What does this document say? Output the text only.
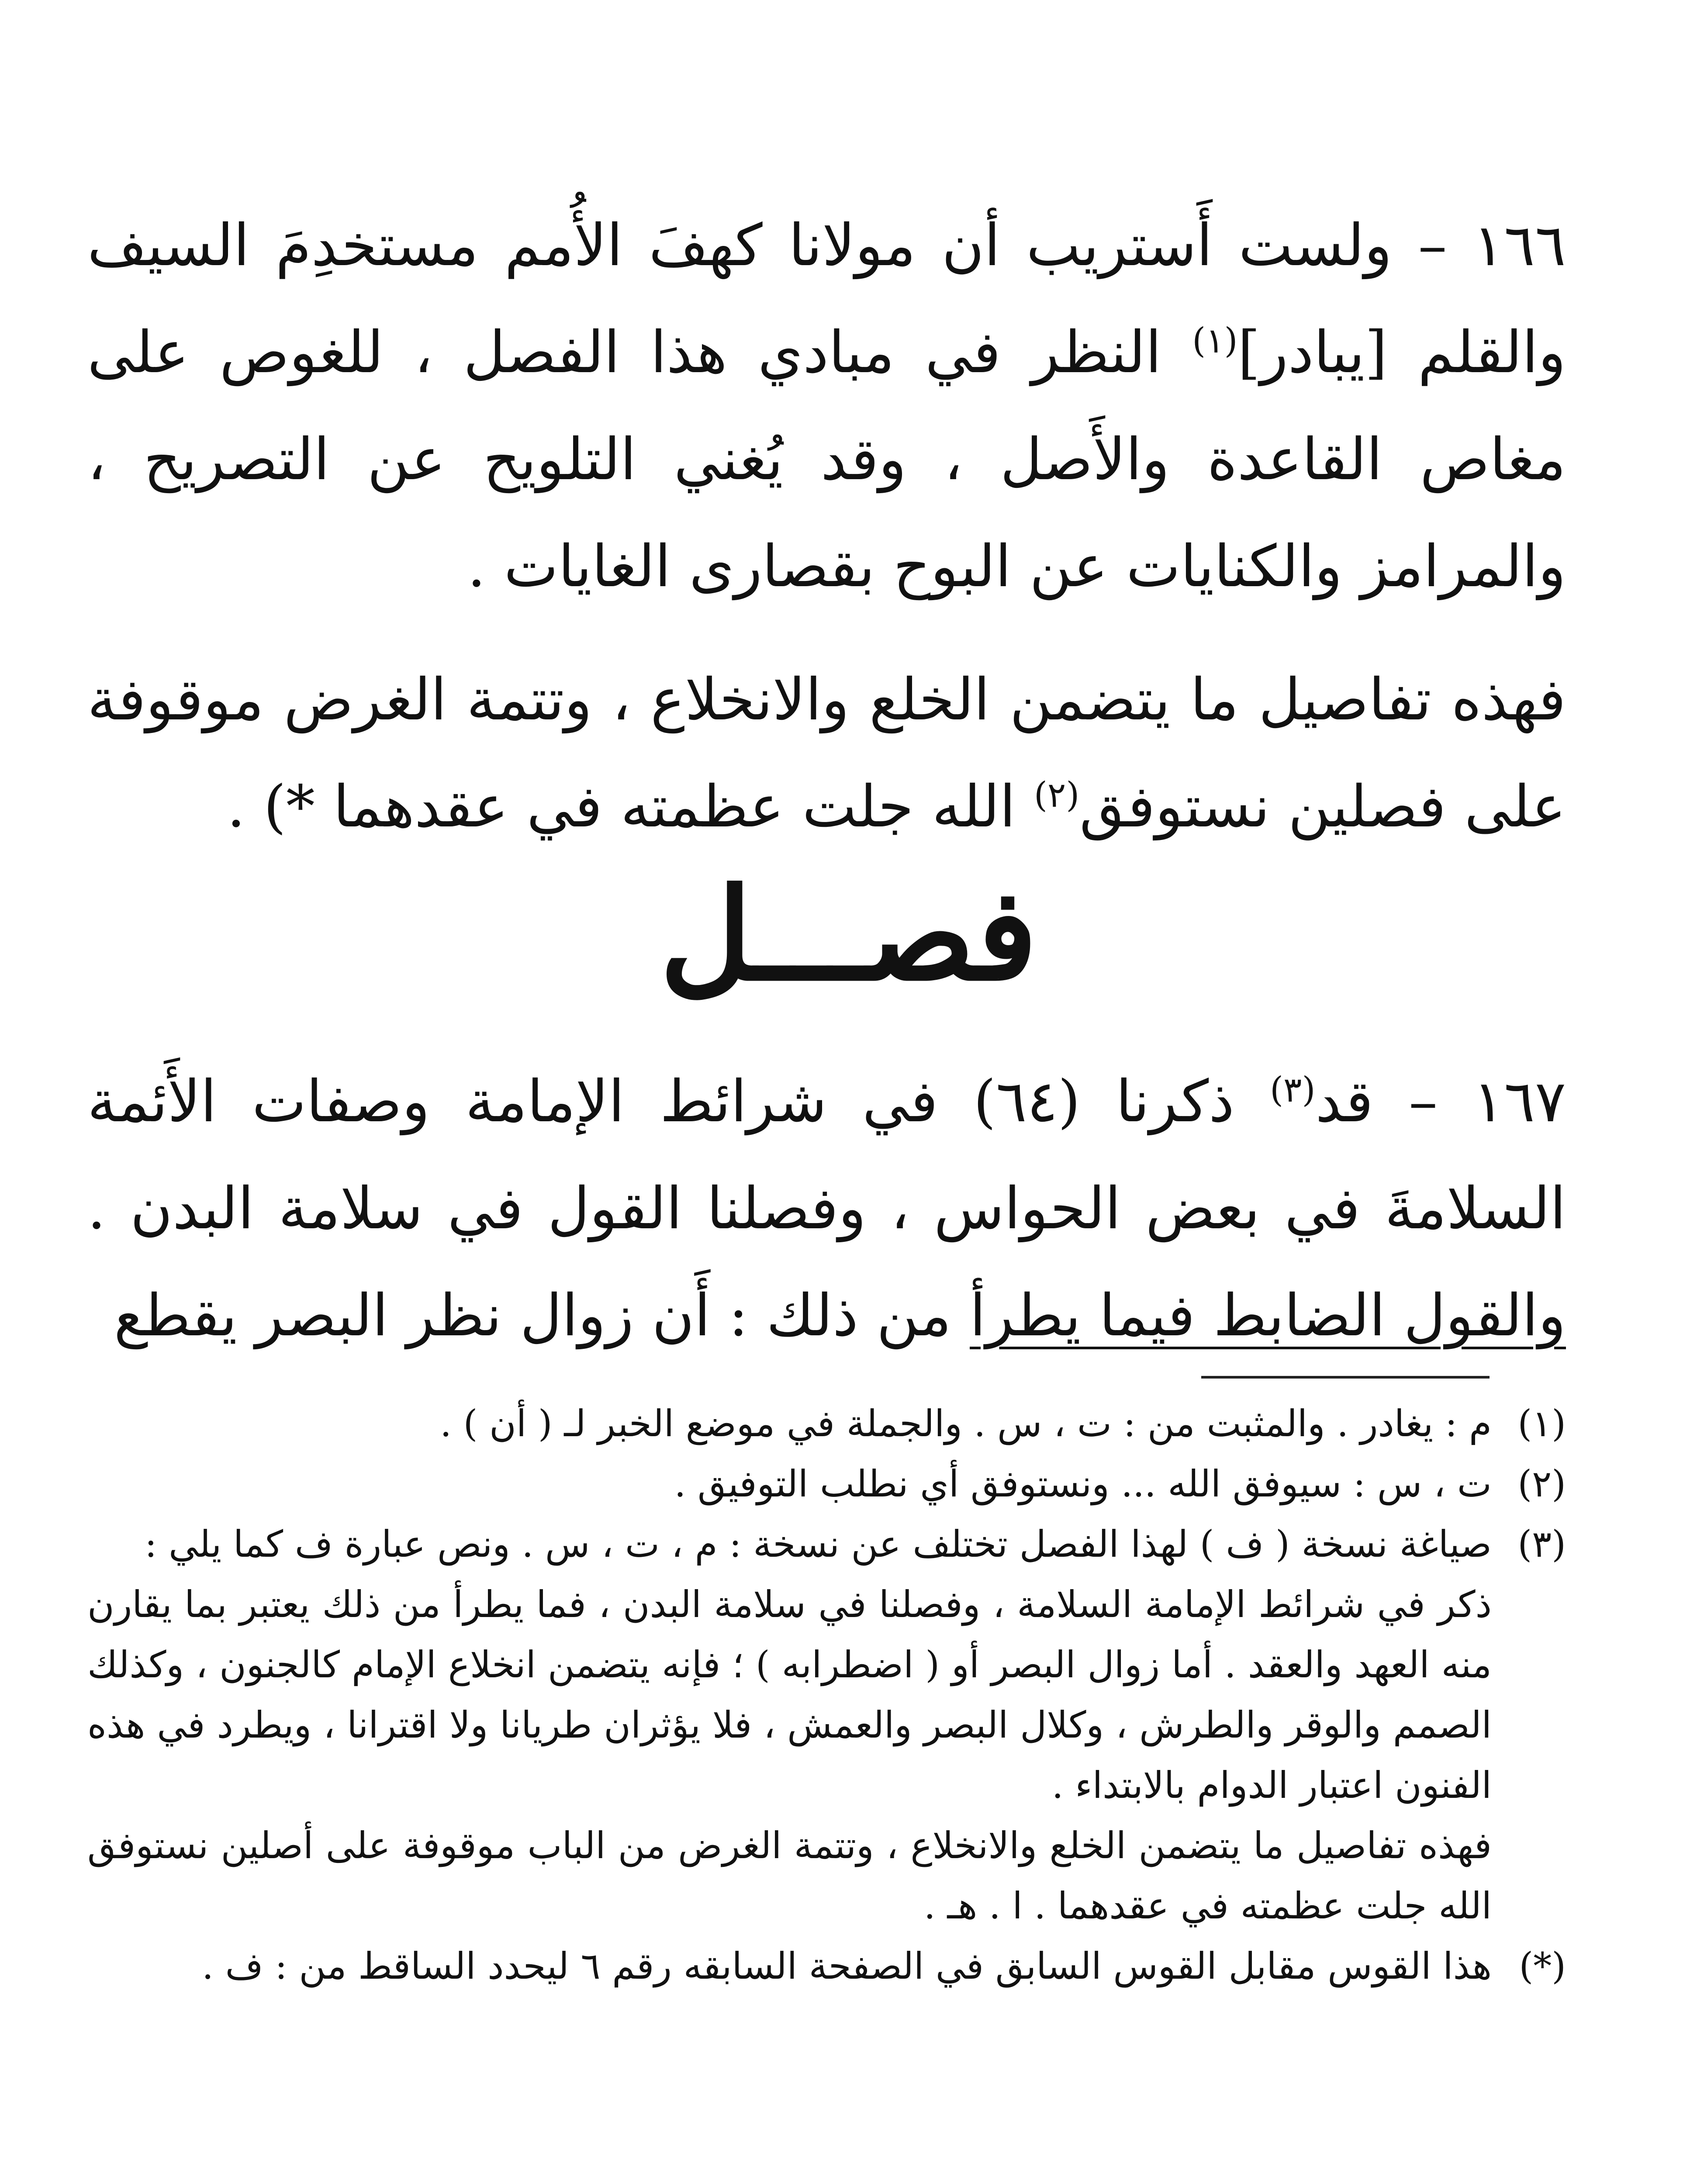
١٦٦ – ولست أَستريب أن مولانا كهفَ الأُمم مستخدِمَ السيف والقلم [يبادر]$^{(١)}$ النظر في مبادي هذا الفصل ، للغوص على مغاص القاعدة والأَصل ، وقد يُغني التلويح عن التصريح ، والمرامز والكنايات عن البوح بقصارى الغايات .

فهذه تفاصيل ما يتضمن الخلع والانخلاع ، وتتمة الغرض موقوفة على فصلين نستوفق$^{(٢)}$ الله جلت عظمته في عقدهما *) .

فصـــل

١٦٧ – قد$^{(٣)}$ ذكرنا (٦٤) في شرائط الإمامة وصفات الأَئمة السلامةَ في بعض الحواس ، وفصلنا القول في سلامة البدن . والقول الضابط فيما يطرأ من ذلك : أَن زوال نظر البصر يقطع

(١)
م : يغادر . والمثبت من : ت ، س . والجملة في موضع الخبر لـ ( أن ) .
(٢)
ت ، س : سيوفق الله ... ونستوفق أي نطلب التوفيق .
(٣)
صياغة نسخة ( ف ) لهذا الفصل تختلف عن نسخة : م ، ت ، س . ونص عبارة ف كما يلي :
ذكر في شرائط الإمامة السلامة ، وفصلنا في سلامة البدن ، فما يطرأ من ذلك يعتبر بما يقارن منه العهد والعقد . أما زوال البصر أو ( اضطرابه ) ؛ فإنه يتضمن انخلاع الإمام كالجنون ، وكذلك الصمم والوقر والطرش ، وكلال البصر والعمش ، فلا يؤثران طريانا ولا اقترانا ، ويطرد في هذه الفنون اعتبار الدوام بالابتداء .
فهذه تفاصيل ما يتضمن الخلع والانخلاع ، وتتمة الغرض من الباب موقوفة على أصلين نستوفق الله جلت عظمته في عقدهما . ا . هـ .
(*)
هذا القوس مقابل القوس السابق في الصفحة السابقه رقم ٦ ليحدد الساقط من : ف .
